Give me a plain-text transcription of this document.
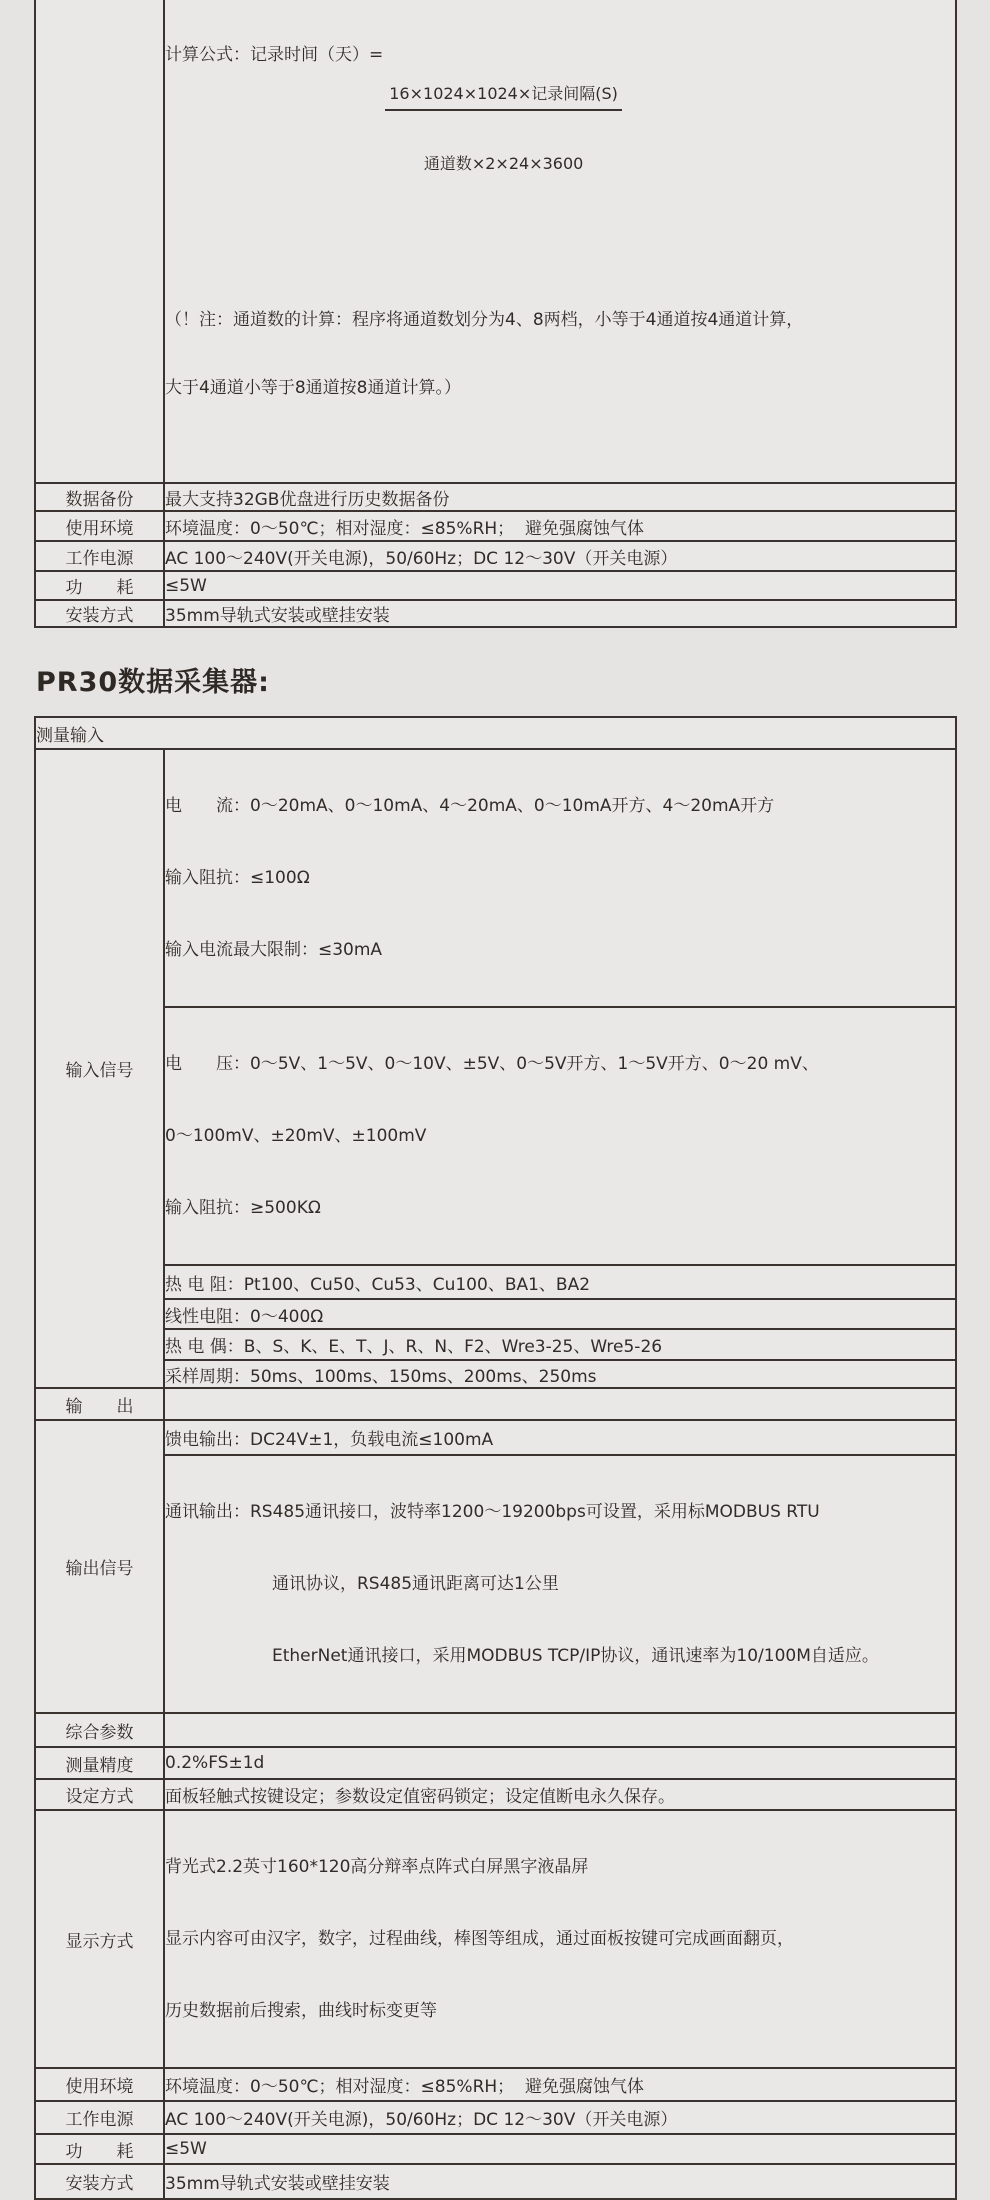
	计算公式：记录时间（天）=

$\frac{\text{16×1024×1024×记录间隔(S)}}{\text{通道数×2×24×3600}}$

（！注：通道数的计算：程序将通道数划分为4、8两档，小等于4通道按4通道计算，

大于4通道小等于8通道按8通道计算。）

数据备份	最大支持32GB优盘进行历史数据备份
使用环境	环境温度：0～50℃；相对湿度：≤85%RH；  避免强腐蚀气体
工作电源	AC 100～240V(开关电源)，50/60Hz；DC 12～30V（开关电源）
功　　耗	≤5W
安装方式	35mm导轨式安装或壁挂安装
PR30数据采集器:
测量输入	
输入信号	电　　流：0～20mA、0～10mA、4～20mA、0～10mA开方、4～20mA开方

输入阻抗：≤100Ω

输入电流最大限制：≤30mA

	电　　压：0～5V、1～5V、0～10V、±5V、0～5V开方、1～5V开方、0～20 mV、

0～100mV、±20mV、±100mV

输入阻抗：≥500KΩ

	热 电 阻：Pt100、Cu50、Cu53、Cu100、BA1、BA2
	线性电阻：0～400Ω
	热 电 偶：B、S、K、E、T、J、R、N、F2、Wre3-25、Wre5-26
	采样周期：50ms、100ms、150ms、200ms、250ms
输　　出	
输出信号	馈电输出：DC24V±1，负载电流≤100mA

	通讯输出：RS485通讯接口，波特率1200～19200bps可设置，采用标MODBUS RTU

通讯协议，RS485通讯距离可达1公里

EtherNet通讯接口，采用MODBUS TCP/IP协议，通讯速率为10/100M自适应。

综合参数	
测量精度	0.2%FS±1d
设定方式	面板轻触式按键设定；参数设定值密码锁定；设定值断电永久保存。
显示方式	背光式2.2英寸160*120高分辩率点阵式白屏黑字液晶屏

显示内容可由汉字，数字，过程曲线，棒图等组成，通过面板按键可完成画面翻页，

历史数据前后搜索，曲线时标变更等

使用环境	环境温度：0～50℃；相对湿度：≤85%RH；  避免强腐蚀气体
工作电源	AC 100～240V(开关电源)，50/60Hz；DC 12～30V（开关电源）
功　　耗	≤5W
安装方式	35mm导轨式安装或壁挂安装
